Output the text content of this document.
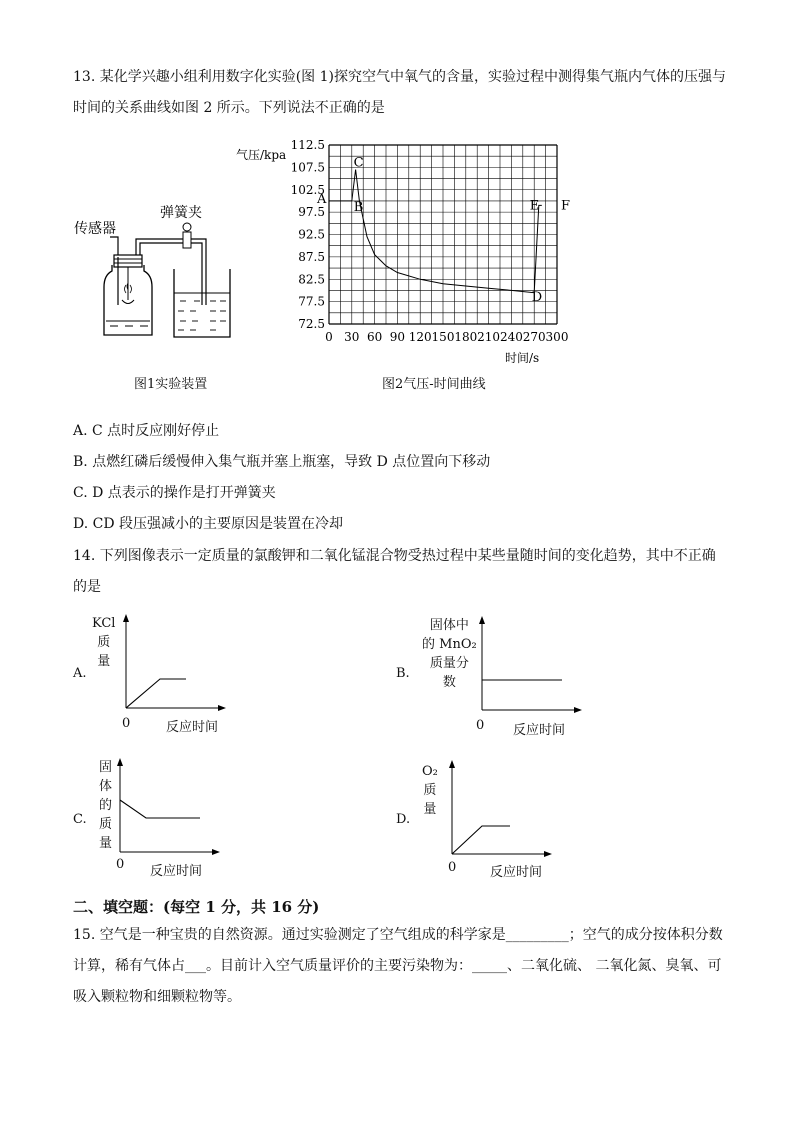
13. 某化学兴趣小组利用数字化实验(图 1)探究空气中氧气的含量，实验过程中测得集气瓶内气体的压强与
时间的关系曲线如图 2 所示。下列说法不正确的是
传感器
弹簧夹
图1实验装置
112.5
107.5
102.5
97.5
92.5
87.5
82.5
77.5
72.5
0 30 60 90 120 150 180 210 240 270 300
A
B
C
D
E F
气压/kpa
时间/s
图2气压-时间曲线
A. C 点时反应刚好停止
B. 点燃红磷后缓慢伸入集气瓶并塞上瓶塞，导致 D 点位置向下移动
C. D 点表示的操作是打开弹簧夹
D. CD 段压强减小的主要原因是装置在冷却
14. 下列图像表示一定质量的氯酸钾和二氧化锰混合物受热过程中某些量随时间的变化趋势，其中不正确
的是
A.
KCl
质
量
0	反应时间
B.
固体中
的 MnO₂
质量分
数
0 反应时间
C.
固
体
的
质
量
0 反应时间
D.
O₂
质
量
0	反应时间
二、填空题：(每空 1 分，共 16 分)
15. 空气是一种宝贵的自然资源。通过实验测定了空气组成的科学家是_________；空气的成分按体积分数
计算，稀有气体占___。目前计入空气质量评价的主要污染物为：_____、二氧化硫、 二氧化氮、臭氧、可
吸入颗粒物和细颗粒物等。
